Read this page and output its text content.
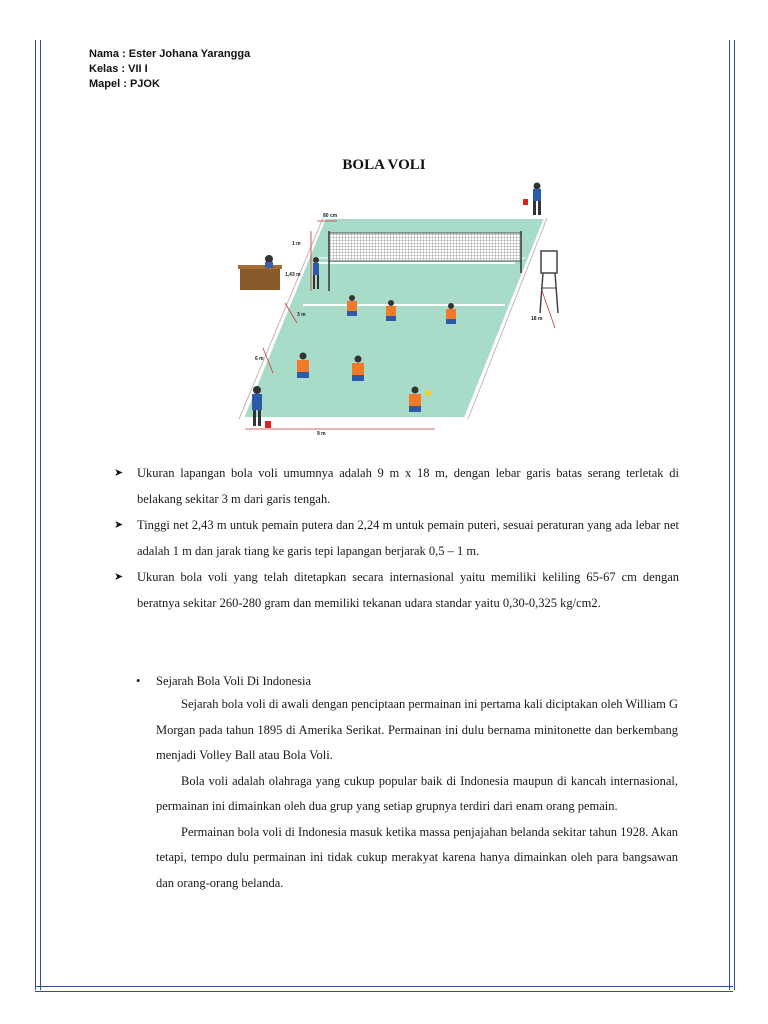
Nama : Ester Johana Yarangga
Kelas : VII I
Mapel : PJOK
BOLA VOLI
80 cm
1 m
1,43 m
3 m
6 m
18 m
9 m
➤ Ukuran lapangan bola voli umumnya adalah 9 m x 18 m, dengan lebar garis batas serang terletak di belakang sekitar 3 m dari garis tengah.
➤ Tinggi net 2,43 m untuk pemain putera dan 2,24 m untuk pemain puteri, sesuai peraturan yang ada lebar net adalah 1 m dan jarak tiang ke garis tepi lapangan berjarak 0,5 – 1 m.
➤ Ukuran bola voli yang telah ditetapkan secara internasional yaitu memiliki keliling 65-67 cm dengan beratnya sekitar 260-280 gram dan memiliki tekanan udara standar yaitu 0,30-0,325 kg/cm2.
• Sejarah Bola Voli Di Indonesia

Sejarah bola voli di awali dengan penciptaan permainan ini pertama kali diciptakan oleh William G Morgan pada tahun 1895 di Amerika Serikat. Permainan ini dulu bernama minitonette dan berkembang menjadi Volley Ball atau Bola Voli.

Bola voli adalah olahraga yang cukup popular baik di Indonesia maupun di kancah internasional, permainan ini dimainkan oleh dua grup yang setiap grupnya terdiri dari enam orang pemain.

Permainan bola voli di Indonesia masuk ketika massa penjajahan belanda sekitar tahun 1928. Akan tetapi, tempo dulu permainan ini tidak cukup merakyat karena hanya dimainkan oleh para bangsawan dan orang-orang belanda.
